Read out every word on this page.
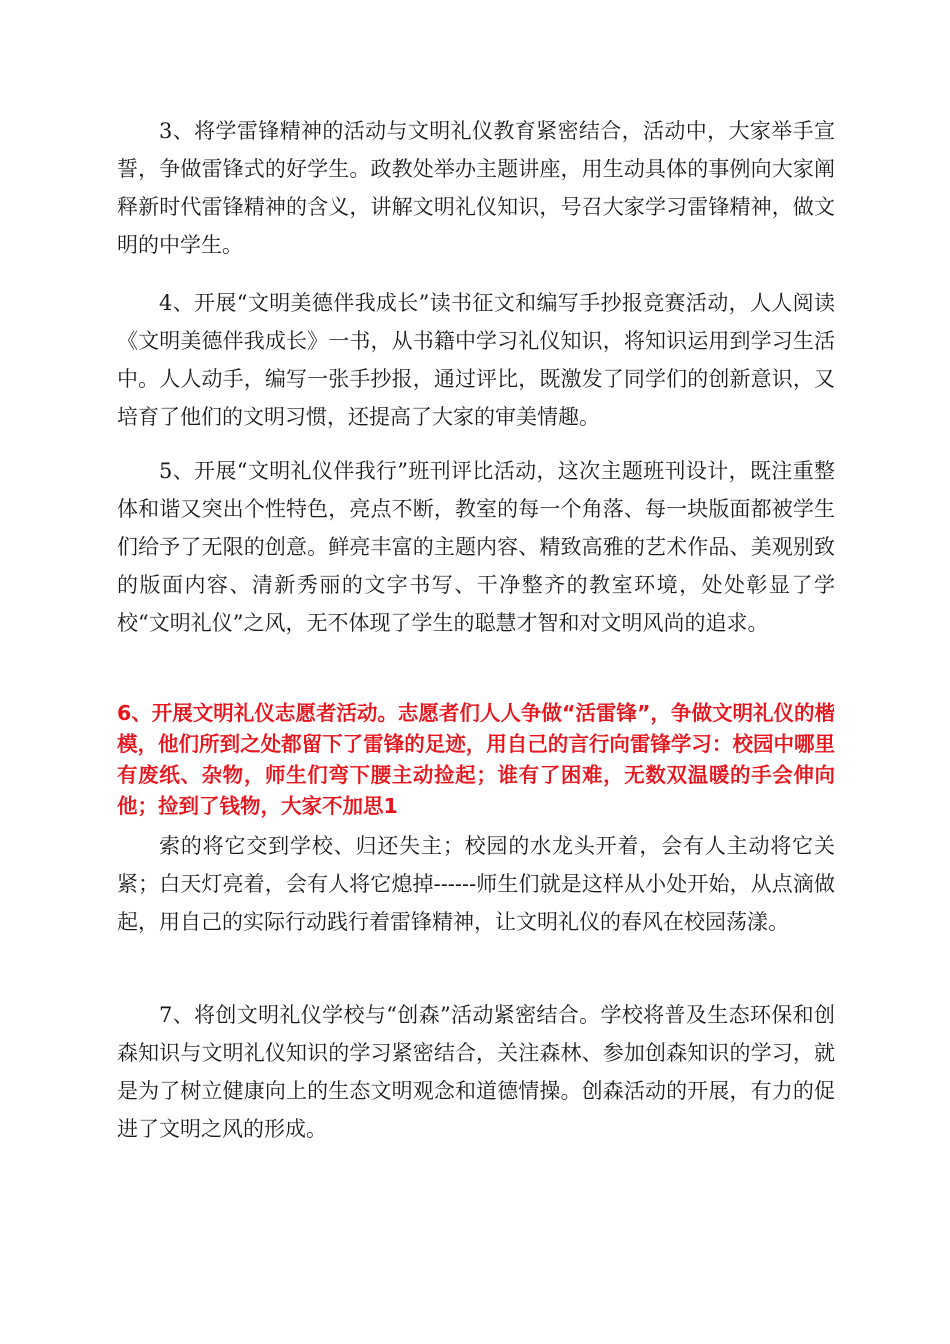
3、将学雷锋精神的活动与文明礼仪教育紧密结合，活动中，大家举手宣誓，争做雷锋式的好学生。政教处举办主题讲座，用生动具体的事例向大家阐释新时代雷锋精神的含义，讲解文明礼仪知识，号召大家学习雷锋精神，做文明的中学生。

4、开展“文明美德伴我成长”读书征文和编写手抄报竞赛活动，人人阅读《文明美德伴我成长》一书，从书籍中学习礼仪知识，将知识运用到学习生活中。人人动手，编写一张手抄报，通过评比，既激发了同学们的创新意识，又培育了他们的文明习惯，还提高了大家的审美情趣。

5、开展“文明礼仪伴我行”班刊评比活动，这次主题班刊设计，既注重整体和谐又突出个性特色，亮点不断，教室的每一个角落、每一块版面都被学生们给予了无限的创意。鲜亮丰富的主题内容、精致高雅的艺术作品、美观别致的版面内容、清新秀丽的文字书写、干净整齐的教室环境，处处彰显了学校“文明礼仪”之风，无不体现了学生的聪慧才智和对文明风尚的追求。

6、开展文明礼仪志愿者活动。志愿者们人人争做“活雷锋”，争做文明礼仪的楷模，他们所到之处都留下了雷锋的足迹，用自己的言行向雷锋学习：校园中哪里有废纸、杂物，师生们弯下腰主动捡起；谁有了困难，无数双温暖的手会伸向他；捡到了钱物，大家不加思1

索的将它交到学校、归还失主；校园的水龙头开着，会有人主动将它关紧；白天灯亮着，会有人将它熄掉------师生们就是这样从小处开始，从点滴做起，用自己的实际行动践行着雷锋精神，让文明礼仪的春风在校园荡漾。

7、将创文明礼仪学校与“创森”活动紧密结合。学校将普及生态环保和创森知识与文明礼仪知识的学习紧密结合，关注森林、参加创森知识的学习，就是为了树立健康向上的生态文明观念和道德情操。创森活动的开展，有力的促进了文明之风的形成。
